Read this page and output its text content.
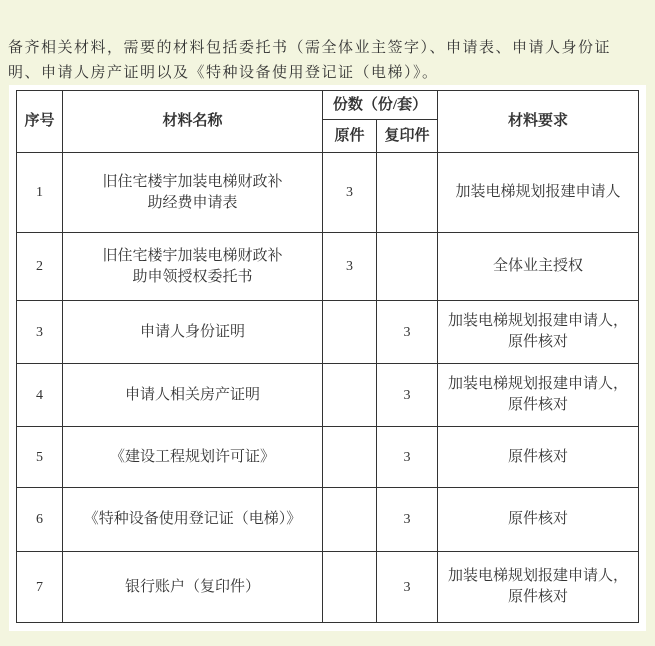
备齐相关材料，需要的材料包括委托书（需全体业主签字）、申请表、申请人身份证明、申请人房产证明以及《特种设备使用登记证（电梯）》。

序号	材料名称	份数（份/套）		材料要求
		原件	复印件	
1	旧住宅楼宇加装电梯财政补助经费申请表	3		加装电梯规划报建申请人
2	旧住宅楼宇加装电梯财政补助申领授权委托书	3		全体业主授权
3	申请人身份证明		3	加装电梯规划报建申请人，原件核对
4	申请人相关房产证明		3	加装电梯规划报建申请人，原件核对
5	《建设工程规划许可证》		3	原件核对
6	《特种设备使用登记证（电梯）》		3	原件核对
7	银行账户（复印件）		3	加装电梯规划报建申请人，原件核对
